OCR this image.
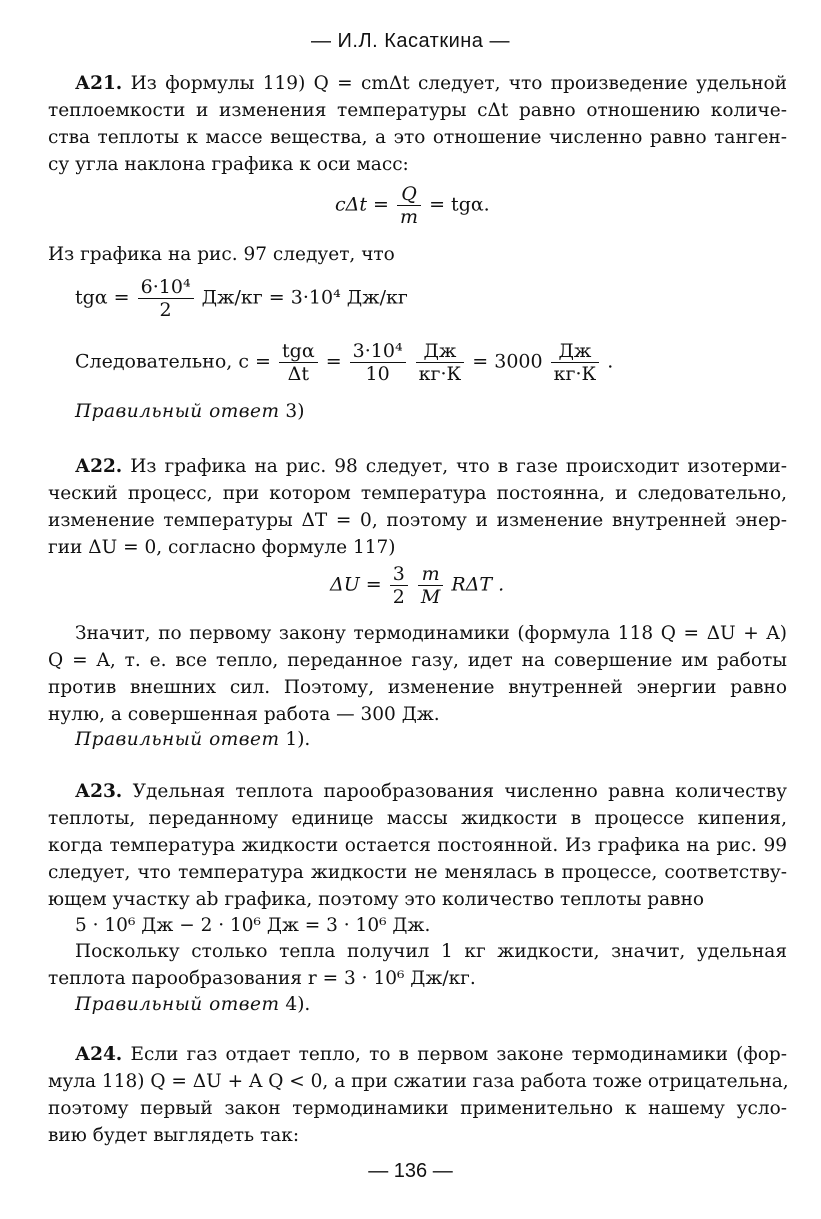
— И.Л. Касаткина —
А21. Из формулы 119) Q = cmΔt следует, что произведение удельной
теплоемкости и изменения температуры cΔt равно отношению количе-
ства теплоты к массе вещества, а это отношение численно равно танген-
су угла наклона графика к оси масс:
$c\Delta t = \frac{Q}{m} = tg\alpha$.
Из графика на рис. 97 следует, что
$tg\alpha = \frac{\text{6·10⁴}}{2} Дж/кг = 3\cdot 10^4$ Дж/кг
Следовательно, $c = \frac{\text{tgα}}{\Delta t} = \frac{\text{3·10⁴}}{10}$
$\frac{Дж}{кг\cdot К} = 3000 \frac{Дж}{кг\cdot К}$ .
Правильный ответ 3)
А22. Из графика на рис. 98 следует, что в газе происходит изотерми-
ческий процесс, при котором температура постоянна, и следовательно,
изменение температуры ΔT = 0, поэтому и изменение внутренней энер-
гии ΔU = 0, согласно формуле 117)
$\Delta U = \frac{3}{2}$
$\frac{m}{M}$ RΔT .
Значит, по первому закону термодинамики (формула 118 Q = ΔU + A)
Q = A, т. е. все тепло, переданное газу, идет на совершение им работы
против внешних сил. Поэтому, изменение внутренней энергии равно
нулю, а совершенная работа — 300 Дж.
Правильный ответ 1).
А23. Удельная теплота парообразования численно равна количеству
теплоты, переданному единице массы жидкости в процессе кипения,
когда температура жидкости остается постоянной. Из графика на рис. 99
следует, что температура жидкости не менялась в процессе, соответству-
ющем участку ab графика, поэтому это количество теплоты равно
5 · 10⁶ Дж − 2 · 10⁶ Дж = 3 · 10⁶ Дж.
Поскольку столько тепла получил 1 кг жидкости, значит, удельная
теплота парообразования r = 3 · 10⁶ Дж/кг.
Правильный ответ 4).
А24. Если газ отдает тепло, то в первом законе термодинамики (фор-
мула 118) Q = ΔU + A Q < 0, а при сжатии газа работа тоже отрицательна,
поэтому первый закон термодинамики применительно к нашему усло-
вию будет выглядеть так:
— 136 —
